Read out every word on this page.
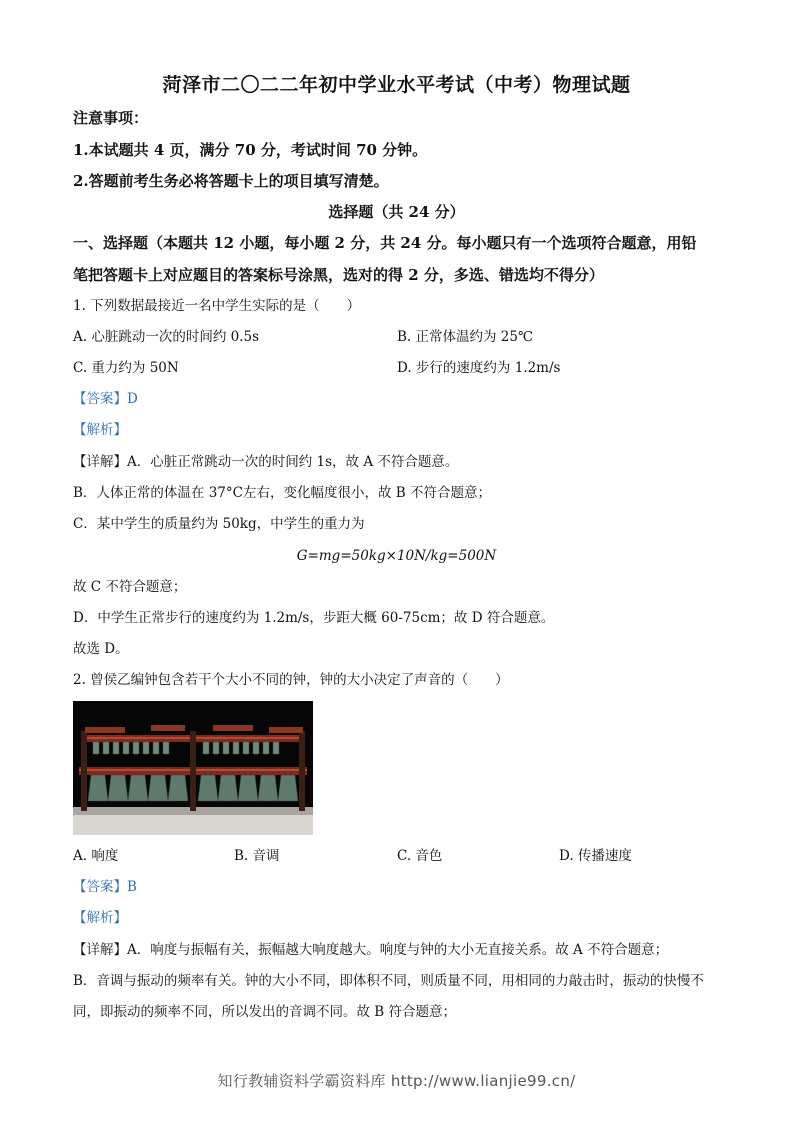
菏泽市二〇二二年初中学业水平考试（中考）物理试题
注意事项：
1.本试题共 4 页，满分 70 分，考试时间 70 分钟。
2.答题前考生务必将答题卡上的项目填写清楚。
选择题（共 24 分）
一、选择题（本题共 12 小题，每小题 2 分，共 24 分。每小题只有一个选项符合题意，用铅
笔把答题卡上对应题目的答案标号涂黑，选对的得 2 分，多选、错选均不得分）
1. 下列数据最接近一名中学生实际的是（　　）
A. 心脏跳动一次的时间约 0.5s	B. 正常体温约为 25℃
C. 重力约为 50N	D. 步行的速度约为 1.2m/s
【答案】D
【解析】
【详解】A．心脏正常跳动一次的时间约 1s，故 A 不符合题意。
B．人体正常的体温在 37°C左右，变化幅度很小，故 B 不符合题意；
C．某中学生的质量约为 50kg，中学生的重力为
G=mg=50kg×10N/kg=500N
故 C 不符合题意；
D．中学生正常步行的速度约为 1.2m/s，步距大概 60-75cm；故 D 符合题意。
故选 D。
2. 曾侯乙编钟包含若干个大小不同的钟，钟的大小决定了声音的（　　）
A. 响度	B. 音调	C. 音色	D. 传播速度
【答案】B
【解析】
【详解】A．响度与振幅有关，振幅越大响度越大。响度与钟的大小无直接关系。故 A 不符合题意；
B．音调与振动的频率有关。钟的大小不同，即体积不同，则质量不同，用相同的力敲击时，振动的快慢不
同，即振动的频率不同，所以发出的音调不同。故 B 符合题意；
知行教辅资料学霸资料库 http://www.lianjie99.cn/
